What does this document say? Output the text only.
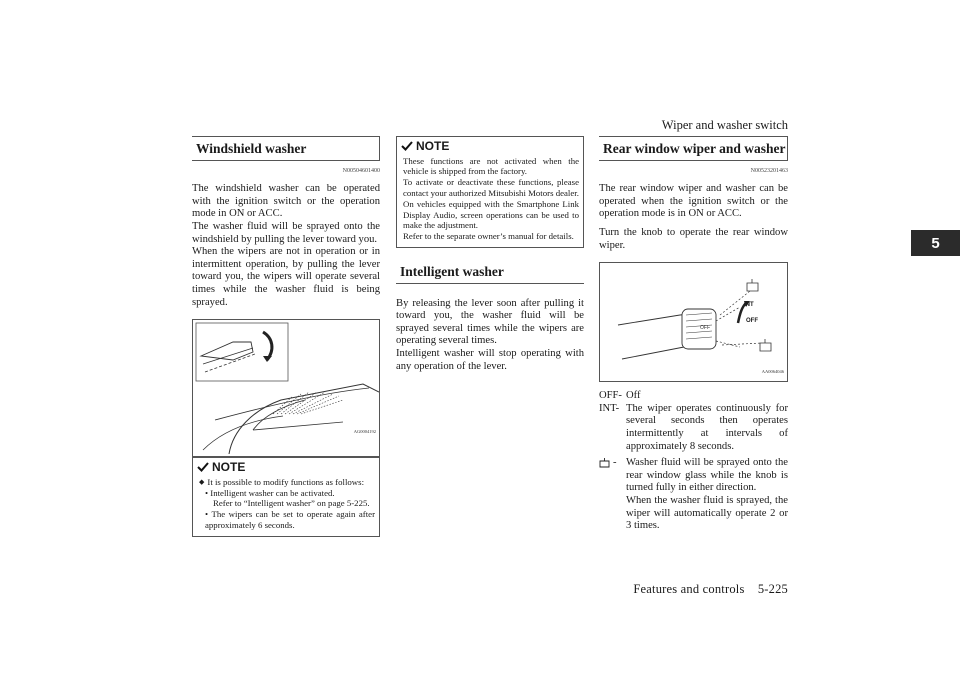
Wiper and washer switch
5
Features and controls 5-225
Windshield washer
N00504601400

The windshield washer can be operated with the ignition switch or the operation mode in ON or ACC.

The washer fluid will be sprayed onto the windshield by pulling the lever toward you.

When the wipers are not in operation or in intermittent operation, by pulling the lever toward you, the wipers will operate several times while the washer fluid is being sprayed.

AG0004192
NOTE
◆ It is possible to modify functions as follows:
• Intelligent washer can be activated.
Refer to “Intelligent washer” on page 5-225.
• The wipers can be set to operate again after approximately 6 seconds.
NOTE
These functions are not activated when the vehicle is shipped from the factory.
To activate or deactivate these functions, please contact your authorized Mitsubishi Motors dealer.
On vehicles equipped with the Smartphone Link Display Audio, screen operations can be used to make the adjustment.
Refer to the separate owner’s manual for details.
Intelligent washer

By releasing the lever soon after pulling it toward you, the washer fluid will be sprayed several times while the wipers are operating several times.

Intelligent washer will stop operating with any operation of the lever.

Rear window wiper and washer
N00523201463

The rear window wiper and washer can be operated when the ignition switch or the operation mode is in ON or ACC.

Turn the knob to operate the rear window wiper.

OFF
INT
OFF
AA0064046
OFF- Off
INT- The wiper operates continuously for several seconds then operates intermittently at intervals of approximately 8 seconds.
- Washer fluid will be sprayed onto the rear window glass while the knob is turned fully in either direction.
When the washer fluid is sprayed, the wiper will automatically operate 2 or 3 times.
